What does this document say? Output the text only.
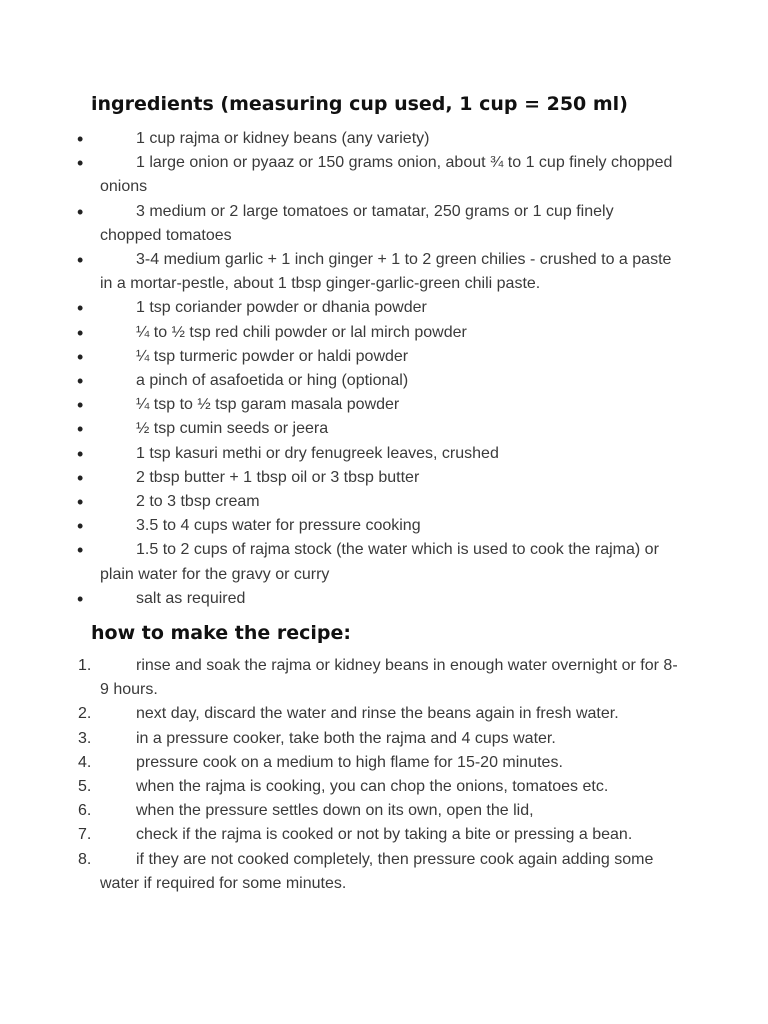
ingredients (measuring cup used, 1 cup = 250 ml)
•	1 cup rajma or kidney beans (any variety)
•	1 large onion or pyaaz or 150 grams onion, about ¾ to 1 cup finely chopped onions
•	3 medium or 2 large tomatoes or tamatar, 250 grams or 1 cup finely chopped tomatoes
•	3-4 medium garlic + 1 inch ginger + 1 to 2 green chilies - crushed to a paste in a mortar-pestle, about 1 tbsp ginger-garlic-green chili paste.
•	1 tsp coriander powder or dhania powder
•	¼ to ½ tsp red chili powder or lal mirch powder
•	¼ tsp turmeric powder or haldi powder
•	a pinch of asafoetida or hing (optional)
•	¼ tsp to ½ tsp garam masala powder
•	½ tsp cumin seeds or jeera
•	1 tsp kasuri methi or dry fenugreek leaves, crushed
•	2 tbsp butter + 1 tbsp oil or 3 tbsp butter
•	2 to 3 tbsp cream
•	3.5 to 4 cups water for pressure cooking
•	1.5 to 2 cups of rajma stock (the water which is used to cook the rajma) or plain water for the gravy or curry
•	salt as required
how to make the recipe:
1.	rinse and soak the rajma or kidney beans in enough water overnight or for 8-9 hours.
2.	next day, discard the water and rinse the beans again in fresh water.
3.	in a pressure cooker, take both the rajma and 4 cups water.
4.	pressure cook on a medium to high flame for 15-20 minutes.
5.	when the rajma is cooking, you can chop the onions, tomatoes etc.
6.	when the pressure settles down on its own, open the lid,
7.	check if the rajma is cooked or not by taking a bite or pressing a bean.
8.	if they are not cooked completely, then pressure cook again adding some water if required for some minutes.
